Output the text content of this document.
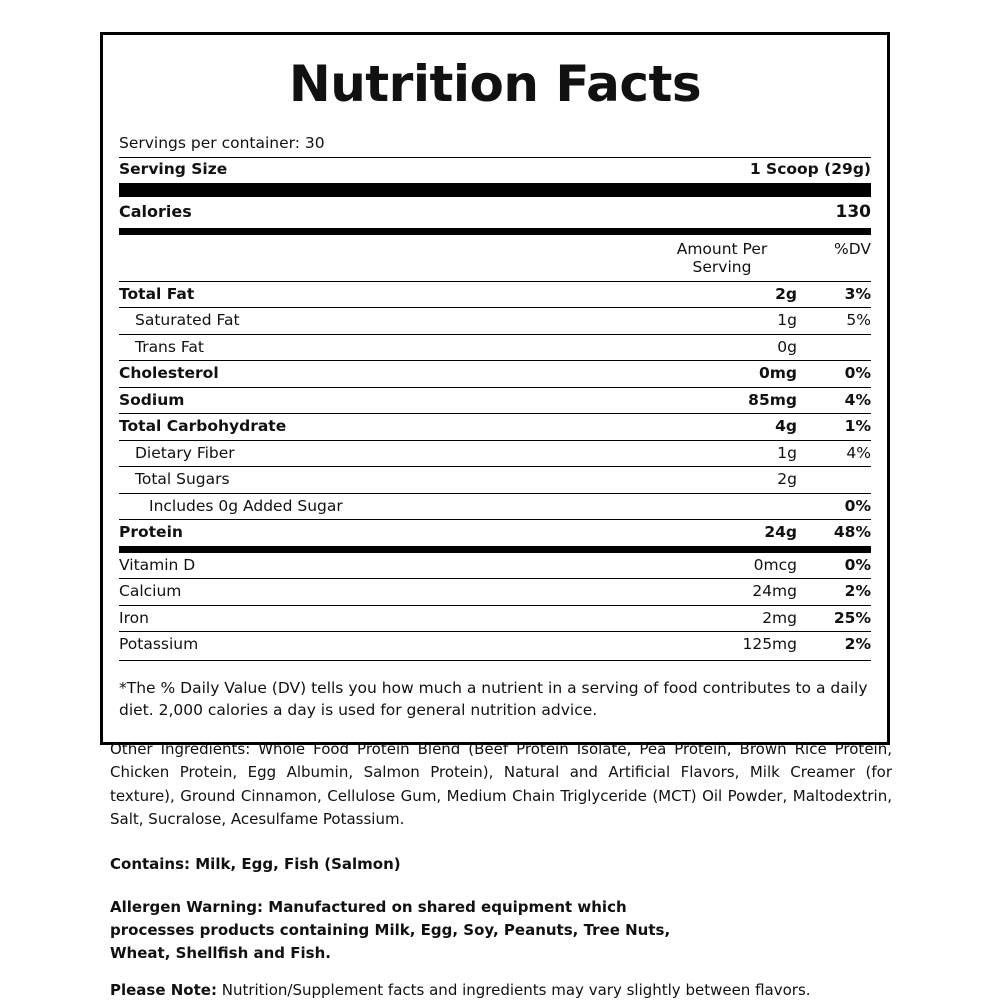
Nutrition Facts
Servings per container: 30
Serving Size	1 Scoop (29g)
Calories	130
Amount Per Serving
%DV
Total Fat	2g	3%
Saturated Fat	1g	5%
Trans Fat	0g
Cholesterol	0mg	0%
Sodium	85mg	4%
Total Carbohydrate	4g	1%
Dietary Fiber	1g	4%
Total Sugars	2g
Includes 0g Added Sugar	0%
Protein	24g	48%
Vitamin D	0mcg	0%
Calcium	24mg	2%
Iron	2mg	25%
Potassium	125mg	2%
*The % Daily Value (DV) tells you how much a nutrient in a serving of food contributes to a daily diet. 2,000 calories a day is used for general nutrition advice.
Other Ingredients: Whole Food Protein Blend (Beef Protein Isolate, Pea Protein, Brown Rice Protein, Chicken Protein, Egg Albumin, Salmon Protein), Natural and Artificial Flavors, Milk Creamer (for texture), Ground Cinnamon, Cellulose Gum, Medium Chain Triglyceride (MCT) Oil Powder, Maltodextrin, Salt, Sucralose, Acesulfame Potassium.
Contains: Milk, Egg, Fish (Salmon)
Allergen Warning: Manufactured on shared equipment which processes products containing Milk, Egg, Soy, Peanuts, Tree Nuts, Wheat, Shellfish and Fish.
Please Note: Nutrition/Supplement facts and ingredients may vary slightly between flavors.
